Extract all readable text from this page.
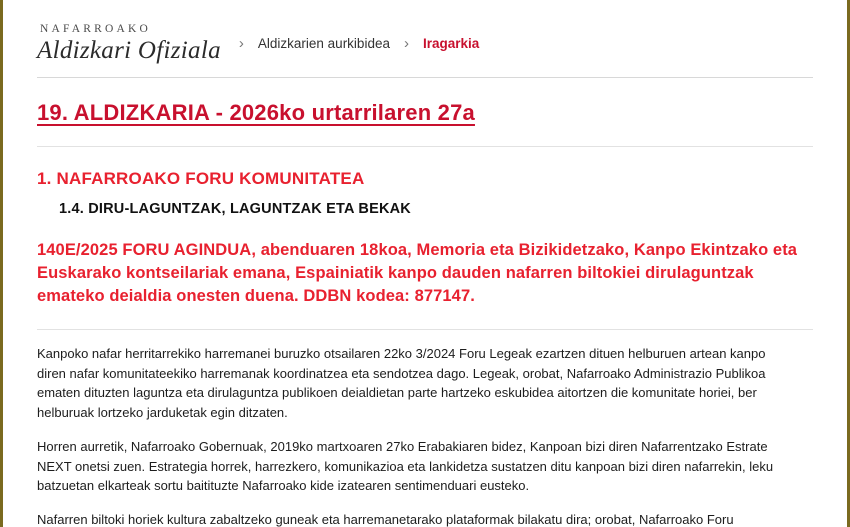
NAFARROAKO
Aldizkari Ofiziala › Aldizkarien aurkibidea › Iragarkia
19. ALDIZKARIA - 2026ko urtarrilaren 27a
1. NAFARROAKO FORU KOMUNITATEA
1.4. DIRU-LAGUNTZAK, LAGUNTZAK ETA BEKAK
140E/2025 FORU AGINDUA, abenduaren 18koa, Memoria eta Bizikidetzako, Kanpo Ekintzako eta Euskarako kontseilariak emana, Espainiatik kanpo dauden nafarren biltokiei dirulaguntzak emateko deialdia onesten duena. DDBN kodea: 877147.

Kanpoko nafar herritarrekiko harremanei buruzko otsailaren 22ko 3/2024 Foru Legeak ezartzen dituen helburuen artean kanpo
diren nafar komunitateekiko harremanak koordinatzea eta sendotzea dago. Legeak, orobat, Nafarroako Administrazio Publikoa
ematen dituzten laguntza eta dirulaguntza publikoen deialdietan parte hartzeko eskubidea aitortzen die komunitate horiei, ber
helburuak lortzeko jarduketak egin ditzaten.

Horren aurretik, Nafarroako Gobernuak, 2019ko martxoaren 27ko Erabakiaren bidez, Kanpoan bizi diren Nafarrentzako Estrate
NEXT onetsi zuen. Estrategia horrek, harrezkero, komunikazioa eta lankidetza sustatzen ditu kanpoan bizi diren nafarrekin, leku
batzuetan elkarteak sortu baitituzte Nafarroako kide izatearen sentimenduari eusteko.

Nafarren biltoki horiek kultura zabaltzeko guneak eta harremanetarako plataformak bilakatu dira; orobat, Nafarroako Foru
